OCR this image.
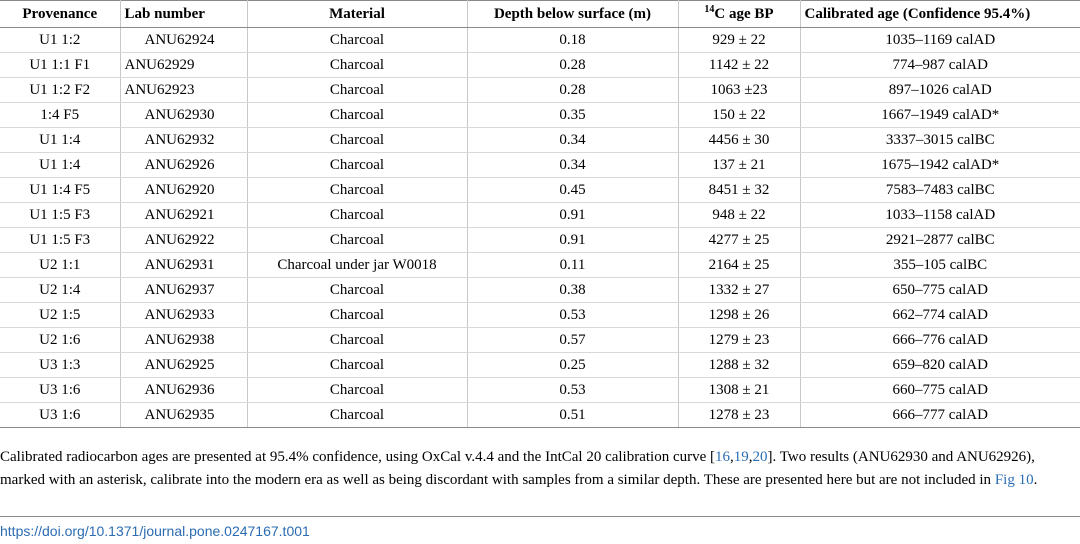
Provenance	Lab number	Material	Depth below surface (m)	$^{14}$C age BP	Calibrated age (Confidence 95.4%)
U1 1:2	ANU62924	Charcoal	0.18	929 ± 22	1035–1169 calAD
U1 1:1 F1	ANU62929	Charcoal	0.28	1142 ± 22	774–987 calAD
U1 1:2 F2	ANU62923	Charcoal	0.28	1063 ±23	897–1026 calAD
1:4 F5	ANU62930	Charcoal	0.35	150 ± 22	1667–1949 calAD*
U1 1:4	ANU62932	Charcoal	0.34	4456 ± 30	3337–3015 calBC
U1 1:4	ANU62926	Charcoal	0.34	137 ± 21	1675–1942 calAD*
U1 1:4 F5	ANU62920	Charcoal	0.45	8451 ± 32	7583–7483 calBC
U1 1:5 F3	ANU62921	Charcoal	0.91	948 ± 22	1033–1158 calAD
U1 1:5 F3	ANU62922	Charcoal	0.91	4277 ± 25	2921–2877 calBC
U2 1:1	ANU62931	Charcoal under jar W0018	0.11	2164 ± 25	355–105 calBC
U2 1:4	ANU62937	Charcoal	0.38	1332 ± 27	650–775 calAD
U2 1:5	ANU62933	Charcoal	0.53	1298 ± 26	662–774 calAD
U2 1:6	ANU62938	Charcoal	0.57	1279 ± 23	666–776 calAD
U3 1:3	ANU62925	Charcoal	0.25	1288 ± 32	659–820 calAD
U3 1:6	ANU62936	Charcoal	0.53	1308 ± 21	660–775 calAD
U3 1:6	ANU62935	Charcoal	0.51	1278 ± 23	666–777 calAD
Calibrated radiocarbon ages are presented at 95.4% confidence, using OxCal v.4.4 and the IntCal 20 calibration curve [16,19,20]. Two results (ANU62930 and ANU62926), marked with an asterisk, calibrate into the modern era as well as being discordant with samples from a similar depth. These are presented here but are not included in Fig 10.
https://doi.org/10.1371/journal.pone.0247167.t001
